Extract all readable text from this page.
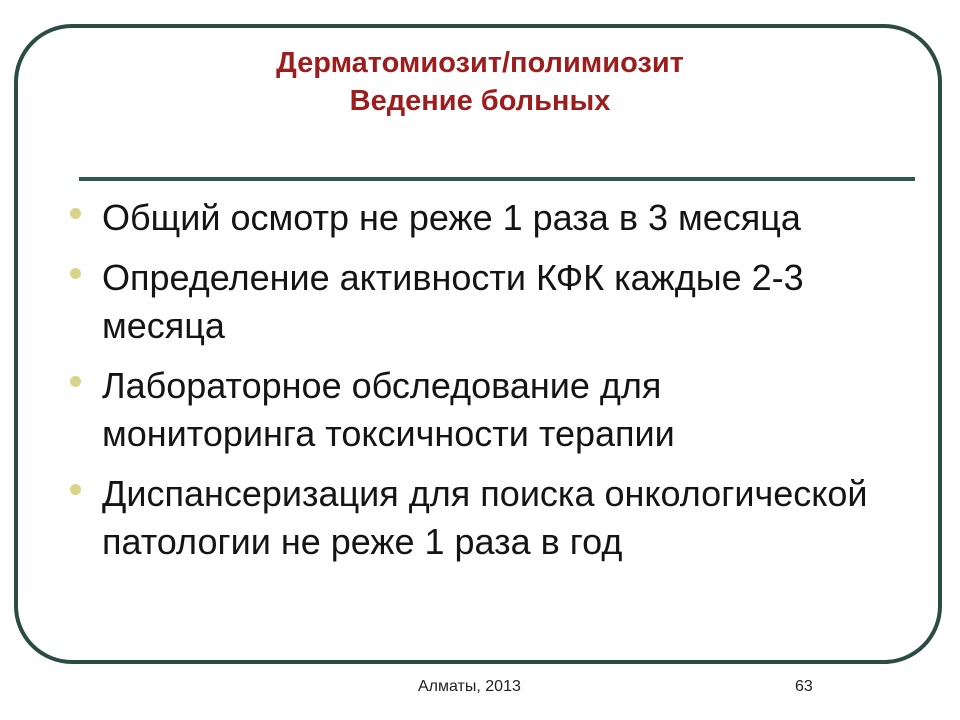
Дерматомиозит/полимиозит
Ведение больных
Общий осмотр не реже 1 раза в 3 месяца
Определение активности КФК каждые 2-3 месяца
Лабораторное обследование для мониторинга токсичности терапии
Диспансеризация для поиска онкологической патологии не реже 1 раза в год
Алматы, 2013	63
